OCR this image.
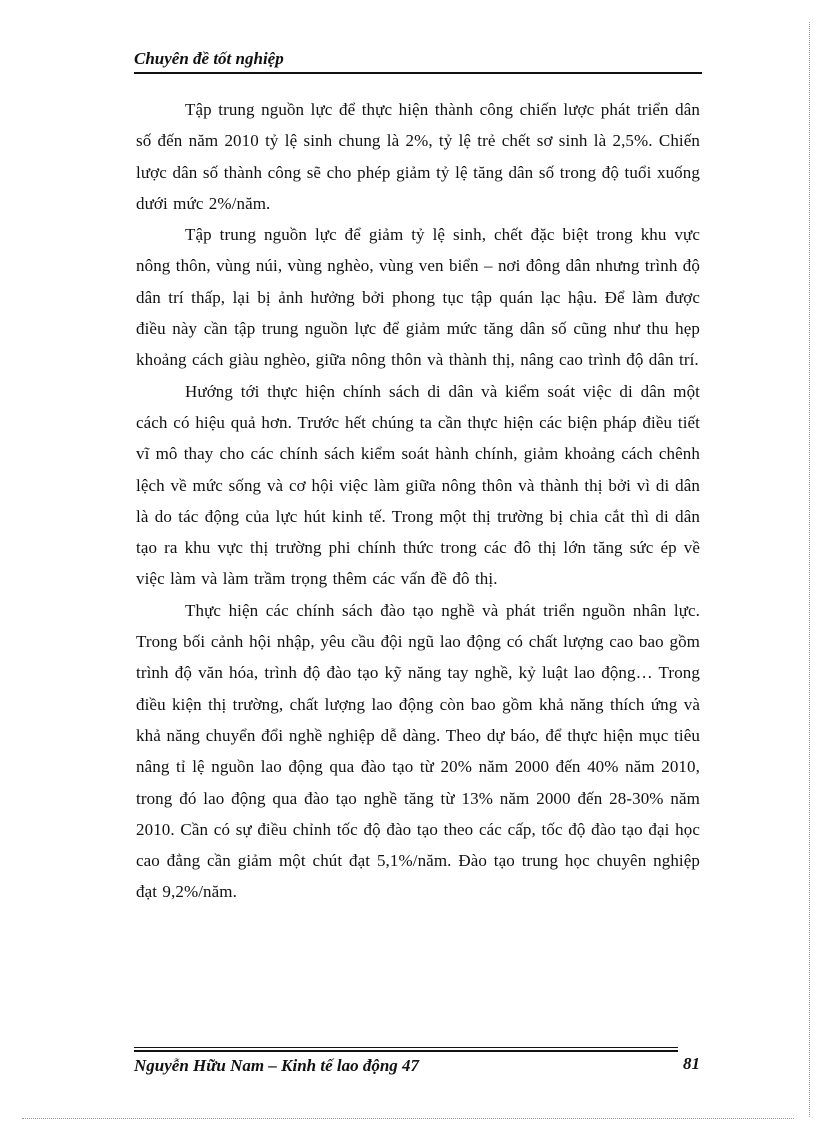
Chuyên đề tốt nghiệp

Tập trung nguồn lực để thực hiện thành công chiến lược phát triển dân số đến năm 2010 tỷ lệ sinh chung là 2%, tỷ lệ trẻ chết sơ sinh là 2,5%. Chiến lược dân số thành công sẽ cho phép giảm tỷ lệ tăng dân số trong độ tuổi xuống dưới mức 2%/năm.

Tập trung nguồn lực để giảm tỷ lệ sinh, chết đặc biệt trong khu vực nông thôn, vùng núi, vùng nghèo, vùng ven biển – nơi đông dân nhưng trình độ dân trí thấp, lại bị ảnh hưởng bởi phong tục tập quán lạc hậu. Để làm được điều này cần tập trung nguồn lực để giảm mức tăng dân số cũng như thu hẹp khoảng cách giàu nghèo, giữa nông thôn và thành thị, nâng cao trình độ dân trí.

Hướng tới thực hiện chính sách di dân và kiểm soát việc di dân một cách có hiệu quả hơn. Trước hết chúng ta cần thực hiện các biện pháp điều tiết vĩ mô thay cho các chính sách kiểm soát hành chính, giảm khoảng cách chênh lệch về mức sống và cơ hội việc làm giữa nông thôn và thành thị bởi vì di dân là do tác động của lực hút kinh tế. Trong một thị trường bị chia cắt thì di dân tạo ra khu vực thị trường phi chính thức trong các đô thị lớn tăng sức ép về việc làm và làm trầm trọng thêm các vấn đề đô thị.

Thực hiện các chính sách đào tạo nghề và phát triển nguồn nhân lực. Trong bối cảnh hội nhập, yêu cầu đội ngũ lao động có chất lượng cao bao gồm trình độ văn hóa, trình độ đào tạo kỹ năng tay nghề, kỷ luật lao động… Trong điều kiện thị trường, chất lượng lao động còn bao gồm khả năng thích ứng và khả năng chuyển đổi nghề nghiệp dễ dàng. Theo dự báo, để thực hiện mục tiêu nâng tỉ lệ nguồn lao động qua đào tạo từ 20% năm 2000 đến 40% năm 2010, trong đó lao động qua đào tạo nghề tăng từ 13% năm 2000 đến 28-30% năm 2010. Cần có sự điều chỉnh tốc độ đào tạo theo các cấp, tốc độ đào tạo đại học cao đẳng cần giảm một chút đạt 5,1%/năm. Đào tạo trung học chuyên nghiệp đạt 9,2%/năm.

Nguyễn Hữu Nam – Kinh tế lao động 47	81
